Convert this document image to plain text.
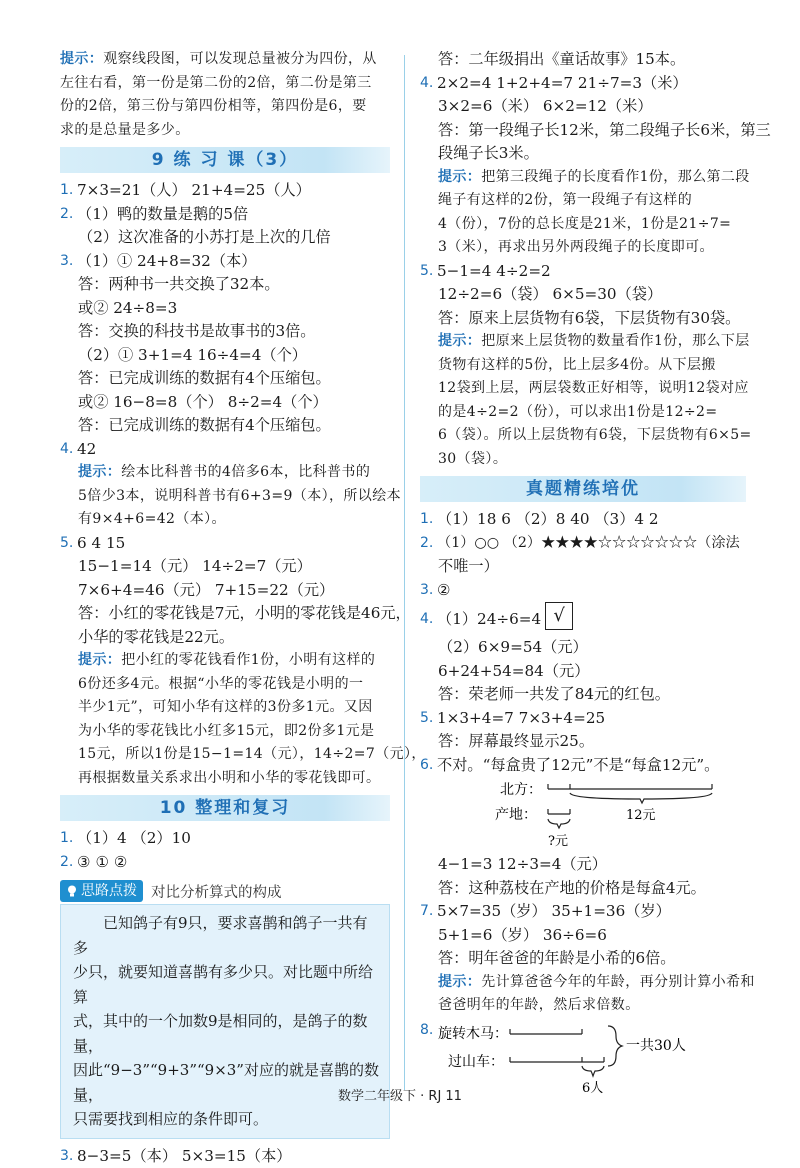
提示：观察线段图，可以发现总量被分为四份，从
左往右看，第一份是第二份的2倍，第二份是第三
份的2倍，第三份与第四份相等，第四份是6，要
求的是总量是多少。
9 练 习 课（3）
1. 7×3=21（人） 21+4=25（人）
2. （1）鸭的数量是鹅的5倍
（2）这次准备的小苏打是上次的几倍
3. （1）① 24+8=32（本）
答：两种书一共交换了32本。
或② 24÷8=3
答：交换的科技书是故事书的3倍。
（2）① 3+1=4 16÷4=4（个）
答：已完成训练的数据有4个压缩包。
或② 16−8=8（个） 8÷2=4（个）
答：已完成训练的数据有4个压缩包。
4. 42
提示：绘本比科普书的4倍多6本，比科普书的
5倍少3本，说明科普书有6+3=9（本），所以绘本
有9×4+6=42（本）。
5. 6 4 15
15−1=14（元） 14÷2=7（元）
7×6+4=46（元） 7+15=22（元）
答：小红的零花钱是7元，小明的零花钱是46元，
小华的零花钱是22元。
提示：把小红的零花钱看作1份，小明有这样的
6份还多4元。根据“小华的零花钱是小明的一
半少1元”，可知小华有这样的3份多1元。又因
为小华的零花钱比小红多15元，即2份多1元是
15元，所以1份是15−1=14（元），14÷2=7（元），
再根据数量关系求出小明和小华的零花钱即可。
10 整理和复习
1. （1）4 （2）10
2. ③ ① ②
思路点拨 对比分析算式的构成
已知鸽子有9只，要求喜鹊和鸽子一共有多
少只，就要知道喜鹊有多少只。对比题中所给算
式，其中的一个加数9是相同的，是鸽子的数量，
因此“9−3”“9+3”“9×3”对应的就是喜鹊的数量，
只需要找到相应的条件即可。
3. 8−3=5（本） 5×3=15（本）
答：二年级捐出《童话故事》15本。
4. 2×2=4 1+2+4=7 21÷7=3（米）
3×2=6（米） 6×2=12（米）
答：第一段绳子长12米，第二段绳子长6米，第三
段绳子长3米。
提示：把第三段绳子的长度看作1份，那么第二段
绳子有这样的2份，第一段绳子有这样的
4（份），7份的总长度是21米，1份是21÷7=
3（米），再求出另外两段绳子的长度即可。
5. 5−1=4 4÷2=2
12÷2=6（袋） 6×5=30（袋）
答：原来上层货物有6袋，下层货物有30袋。
提示：把原来上层货物的数量看作1份，那么下层
货物有这样的5份，比上层多4份。从下层搬
12袋到上层，两层袋数正好相等，说明12袋对应
的是4÷2=2（份），可以求出1份是12÷2=
6（袋）。所以上层货物有6袋，下层货物有6×5=
30（袋）。
真题精练培优
1. （1）18 6 （2）8 40 （3）4 2
2. （1）○○ （2）★★★★☆☆☆☆☆☆☆（涂法
不唯一）
3. ②
4. （1）24÷6=4 √
（2）6×9=54（元）
6+24+54=84（元）
答：荣老师一共发了84元的红包。
5. 1×3+4=7 7×3+4=25
答：屏幕最终显示25。
6. 不对。“每盒贵了12元”不是“每盒12元”。
北方：
产地：	12元
?元
4−1=3 12÷3=4（元）
答：这种荔枝在产地的价格是每盒4元。
7. 5×7=35（岁） 35+1=36（岁）
5+1=6（岁） 36÷6=6
答：明年爸爸的年龄是小希的6倍。
提示：先计算爸爸今年的年龄，再分别计算小希和
爸爸明年的年龄，然后求倍数。
8. 旋转木马：
过山车：
一共30人
6人
数学二年级下 · RJ 11
